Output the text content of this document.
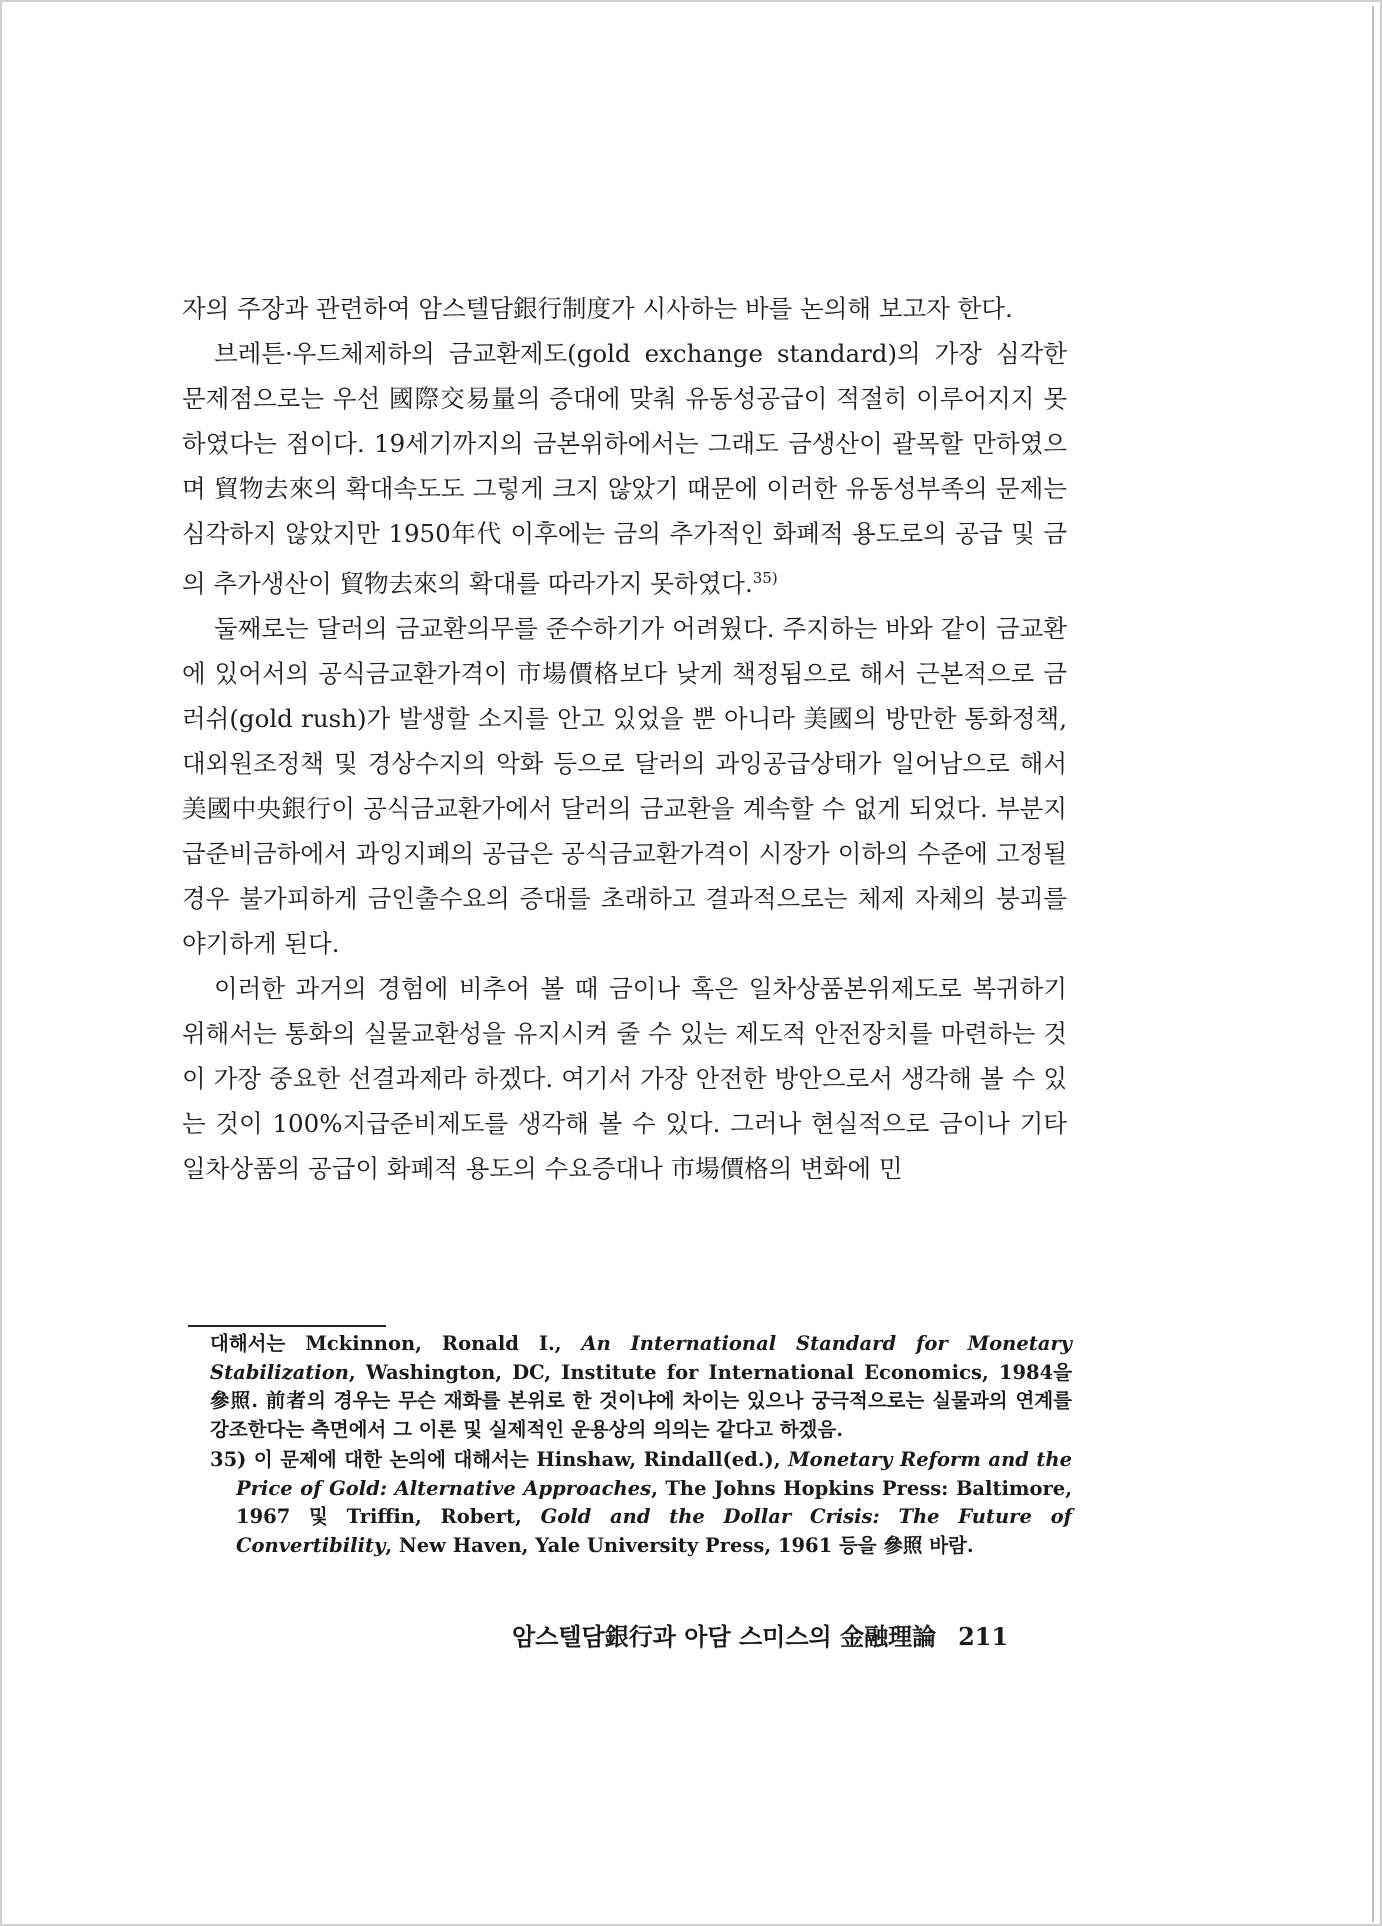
자의 주장과 관련하여 암스텔담銀行制度가 시사하는 바를 논의해 보고자 한다.

브레튼·우드체제하의 금교환제도(gold exchange standard)의 가장 심각한 문제점으로는 우선 國際交易量의 증대에 맞춰 유동성공급이 적절히 이루어지지 못하였다는 점이다. 19세기까지의 금본위하에서는 그래도 금생산이 괄목할 만하였으며 貿物去來의 확대속도도 그렇게 크지 않았기 때문에 이러한 유동성부족의 문제는 심각하지 않았지만 1950年代 이후에는 금의 추가적인 화폐적 용도로의 공급 및 금의 추가생산이 貿物去來의 확대를 따라가지 못하였다.$^{35)}$

둘째로는 달러의 금교환의무를 준수하기가 어려웠다. 주지하는 바와 같이 금교환에 있어서의 공식금교환가격이 市場價格보다 낮게 책정됨으로 해서 근본적으로 금러쉬(gold rush)가 발생할 소지를 안고 있었을 뿐 아니라 美國의 방만한 통화정책, 대외원조정책 및 경상수지의 악화 등으로 달러의 과잉공급상태가 일어남으로 해서 美國中央銀行이 공식금교환가에서 달러의 금교환을 계속할 수 없게 되었다. 부분지급준비금하에서 과잉지폐의 공급은 공식금교환가격이 시장가 이하의 수준에 고정될 경우 불가피하게 금인출수요의 증대를 초래하고 결과적으로는 체제 자체의 붕괴를 야기하게 된다.

이러한 과거의 경험에 비추어 볼 때 금이나 혹은 일차상품본위제도로 복귀하기 위해서는 통화의 실물교환성을 유지시켜 줄 수 있는 제도적 안전장치를 마련하는 것이 가장 중요한 선결과제라 하겠다. 여기서 가장 안전한 방안으로서 생각해 볼 수 있는 것이 100%지급준비제도를 생각해 볼 수 있다. 그러나 현실적으로 금이나 기타 일차상품의 공급이 화폐적 용도의 수요증대나 市場價格의 변화에 민

대해서는 Mckinnon, Ronald I., An International Standard for Monetary Stabilization, Washington, DC, Institute for International Economics, 1984을 參照. 前者의 경우는 무슨 재화를 본위로 한 것이냐에 차이는 있으나 궁극적으로는 실물과의 연계를 강조한다는 측면에서 그 이론 및 실제적인 운용상의 의의는 같다고 하겠음.

35) 이 문제에 대한 논의에 대해서는 Hinshaw, Rindall(ed.), Monetary Reform and the Price of Gold: Alternative Approaches, The Johns Hopkins Press: Baltimore, 1967 및 Triffin, Robert, Gold and the Dollar Crisis: The Future of Convertibility, New Haven, Yale University Press, 1961 등을 參照 바람.

암스텔담銀行과 아담 스미스의 金融理論 211
